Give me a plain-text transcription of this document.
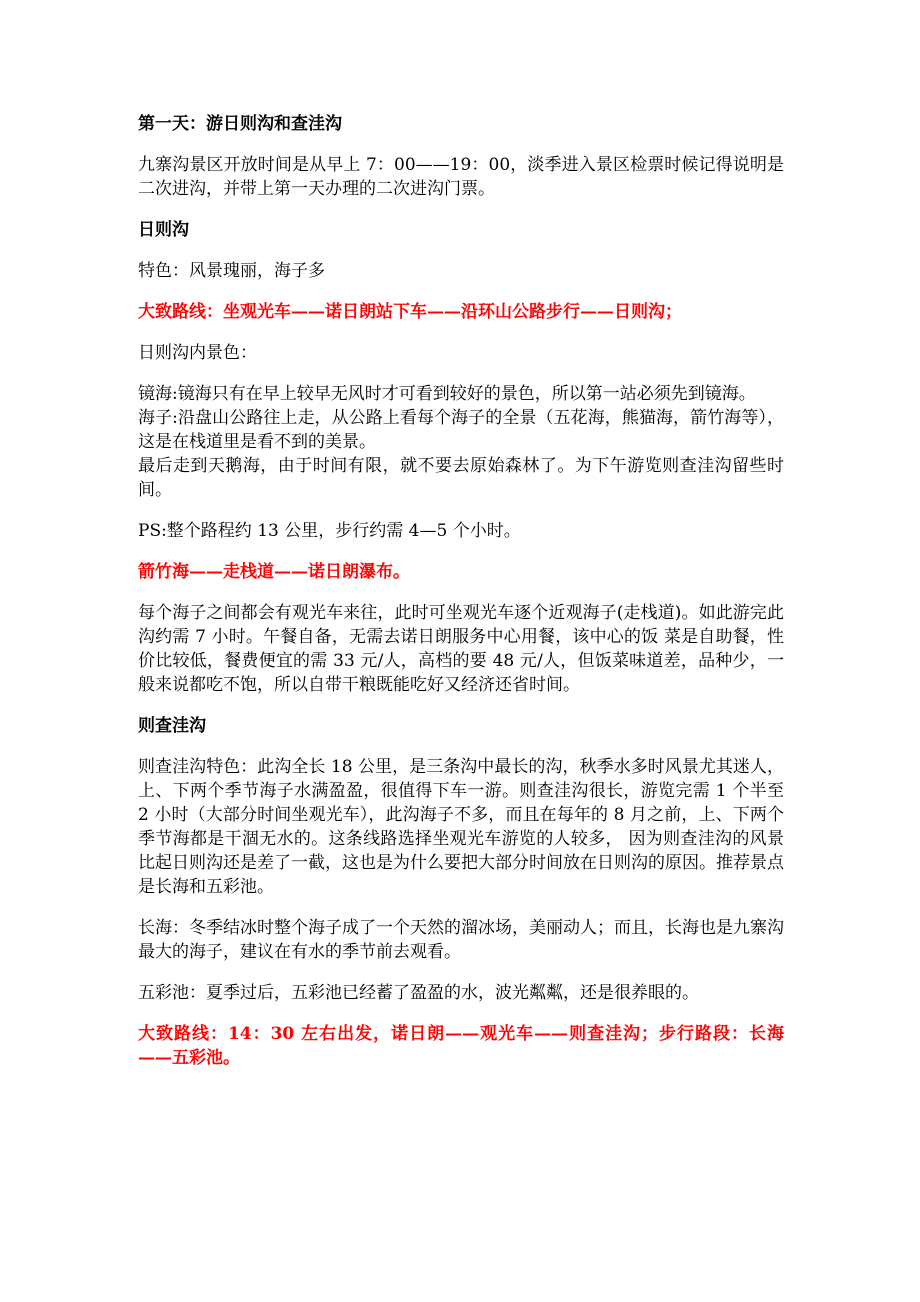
第一天：游日则沟和查洼沟

九寨沟景区开放时间是从早上 7：00——19：00，淡季进入景区检票时候记得说明是二次进沟，并带上第一天办理的二次进沟门票。

日则沟

特色：风景瑰丽，海子多

大致路线：坐观光车——诺日朗站下车——沿环山公路步行——日则沟；

日则沟内景色：

镜海:镜海只有在早上较早无风时才可看到较好的景色，所以第一站必须先到镜海。

海子:沿盘山公路往上走，从公路上看每个海子的全景（五花海，熊猫海，箭竹海等），这是在栈道里是看不到的美景。

最后走到天鹅海，由于时间有限，就不要去原始森林了。为下午游览则查洼沟留些时间。

PS:整个路程约 13 公里，步行约需 4—5 个小时。

箭竹海——走栈道——诺日朗瀑布。

每个海子之间都会有观光车来往，此时可坐观光车逐个近观海子(走栈道)。如此游完此沟约需 7 小时。午餐自备，无需去诺日朗服务中心用餐，该中心的饭 菜是自助餐，性价比较低，餐费便宜的需 33 元/人，高档的要 48 元/人，但饭菜味道差，品种少，一般来说都吃不饱，所以自带干粮既能吃好又经济还省时间。

则查洼沟

则查洼沟特色：此沟全长 18 公里，是三条沟中最长的沟，秋季水多时风景尤其迷人，上、下两个季节海子水满盈盈，很值得下车一游。则查洼沟很长，游览完需 1 个半至 2 小时（大部分时间坐观光车），此沟海子不多，而且在每年的 8 月之前，上、下两个季节海都是干涸无水的。这条线路选择坐观光车游览的人较多， 因为则查洼沟的风景比起日则沟还是差了一截，这也是为什么要把大部分时间放在日则沟的原因。推荐景点是长海和五彩池。

长海：冬季结冰时整个海子成了一个天然的溜冰场，美丽动人；而且，长海也是九寨沟最大的海子，建议在有水的季节前去观看。

五彩池：夏季过后，五彩池已经蓄了盈盈的水，波光粼粼，还是很养眼的。

大致路线：14：30 左右出发，诺日朗——观光车——则查洼沟；步行路段：长海——五彩池。
